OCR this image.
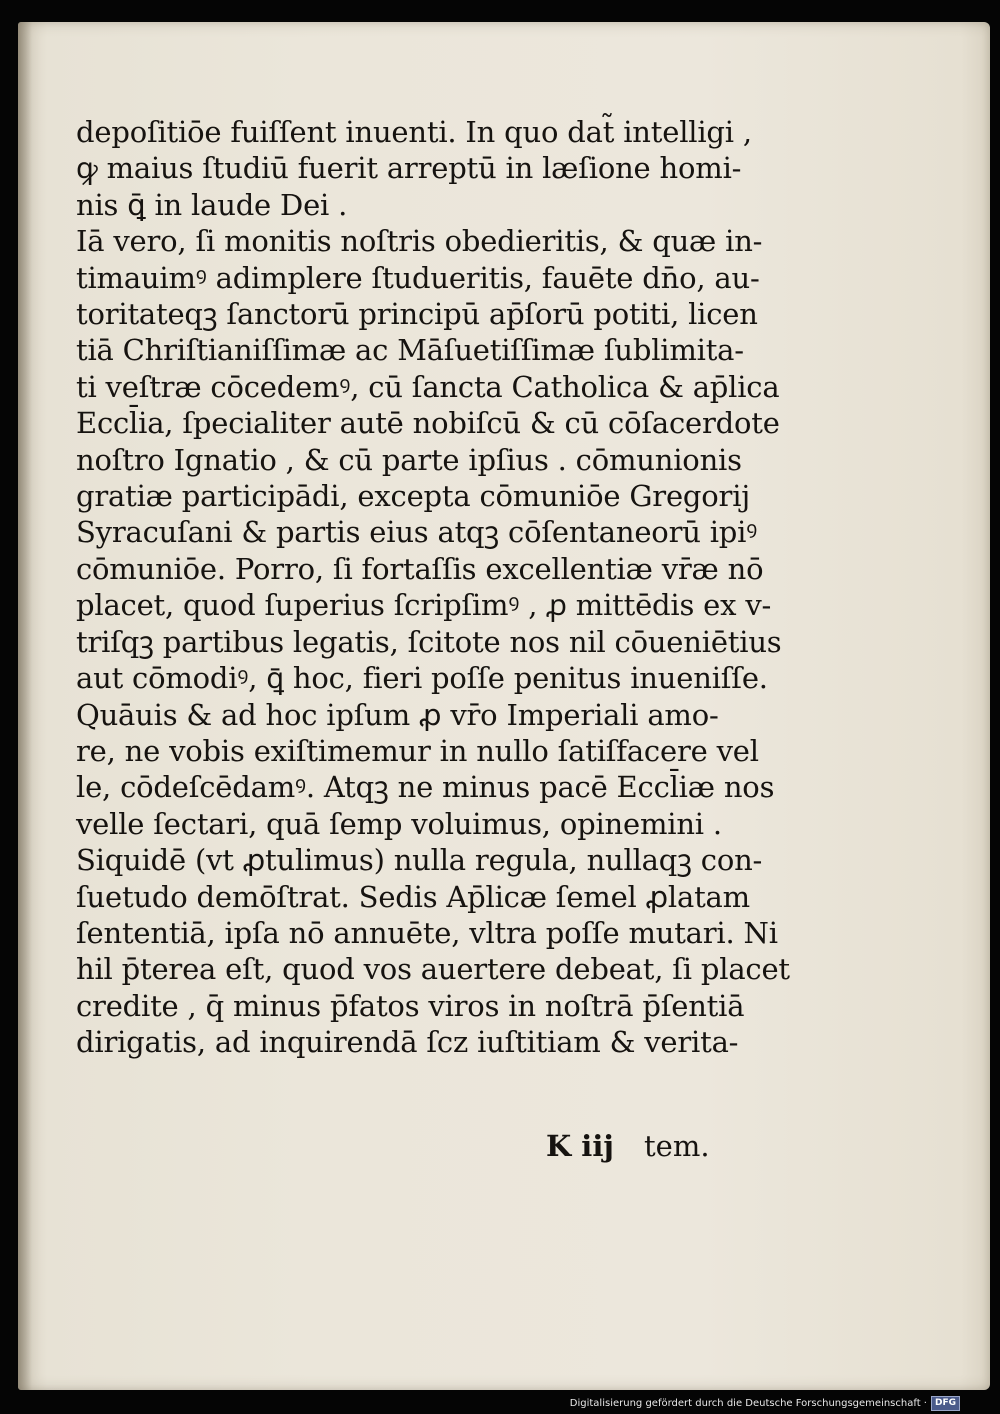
depoſitiōe fuiſſent inuenti. In quo dat̃ intelligi ,
ꝙ maius ſtudiū fuerit arreptū in læſione homi-
nis ꝗ̄ in laude Dei .
Iā vero, ſi monitis noſtris obedieritis, & quæ in-
timauimꝰ adimplere ſtudueritis, fauēte dn̄o, au-
toritateqꝫ ſanctorū principū ap̄ſorū potiti, licen
tiā Chriſtianiſſimæ ac Māſuetiſſimæ ſublimita-
ti veſtræ cōcedemꝰ, cū ſancta Catholica & ap̄lica
Eccl̄ia, ſpecialiter autē nobiſcū & cū cōſacerdote
noſtro Ignatio , & cū parte ipſius . cōmunionis
gratiæ participādi, excepta cōmuniōe Gregorij
Syracuſani & partis eius atqꝫ cōſentaneorū ipiꝰ
cōmuniōe. Porro, ſi fortaſſis excellentiæ vr̄æ nō
placet, quod ſuperius ſcripſimꝰ , ꝓ mittēdis ex v-
triſqꝫ partibus legatis, ſcitote nos nil cōueniētius
aut cōmodiꝰ, ꝗ̄ hoc, fieri poſſe penitus inueniſſe.
Quāuis & ad hoc ipſum ꝓ vr̄o Imperiali amo-
re, ne vobis exiſtimemur in nullo ſatiſfacere vel
le, cōdeſcēdamꝰ. Atqꝫ ne minus pacē Eccl̄iæ nos
velle ſectari, quā ſemp voluimus, opinemini .
Siquidē (vt ꝓtulimus) nulla regula, nullaqꝫ con-
ſuetudo demōſtrat. Sedis Ap̄licæ ſemel ꝓlatam
ſententiā, ipſa nō annuēte, vltra poſſe mutari. Ni
hil p̄terea eſt, quod vos auertere debeat, ſi placet
credite , q̄ minus p̄fatos viros in noſtrā p̄ſentiā
dirigatis, ad inquirendā ſcz iuſtitiam & verita-
K iij tem.
Digitalisierung gefördert durch die Deutsche Forschungsgemeinschaft · DFG
